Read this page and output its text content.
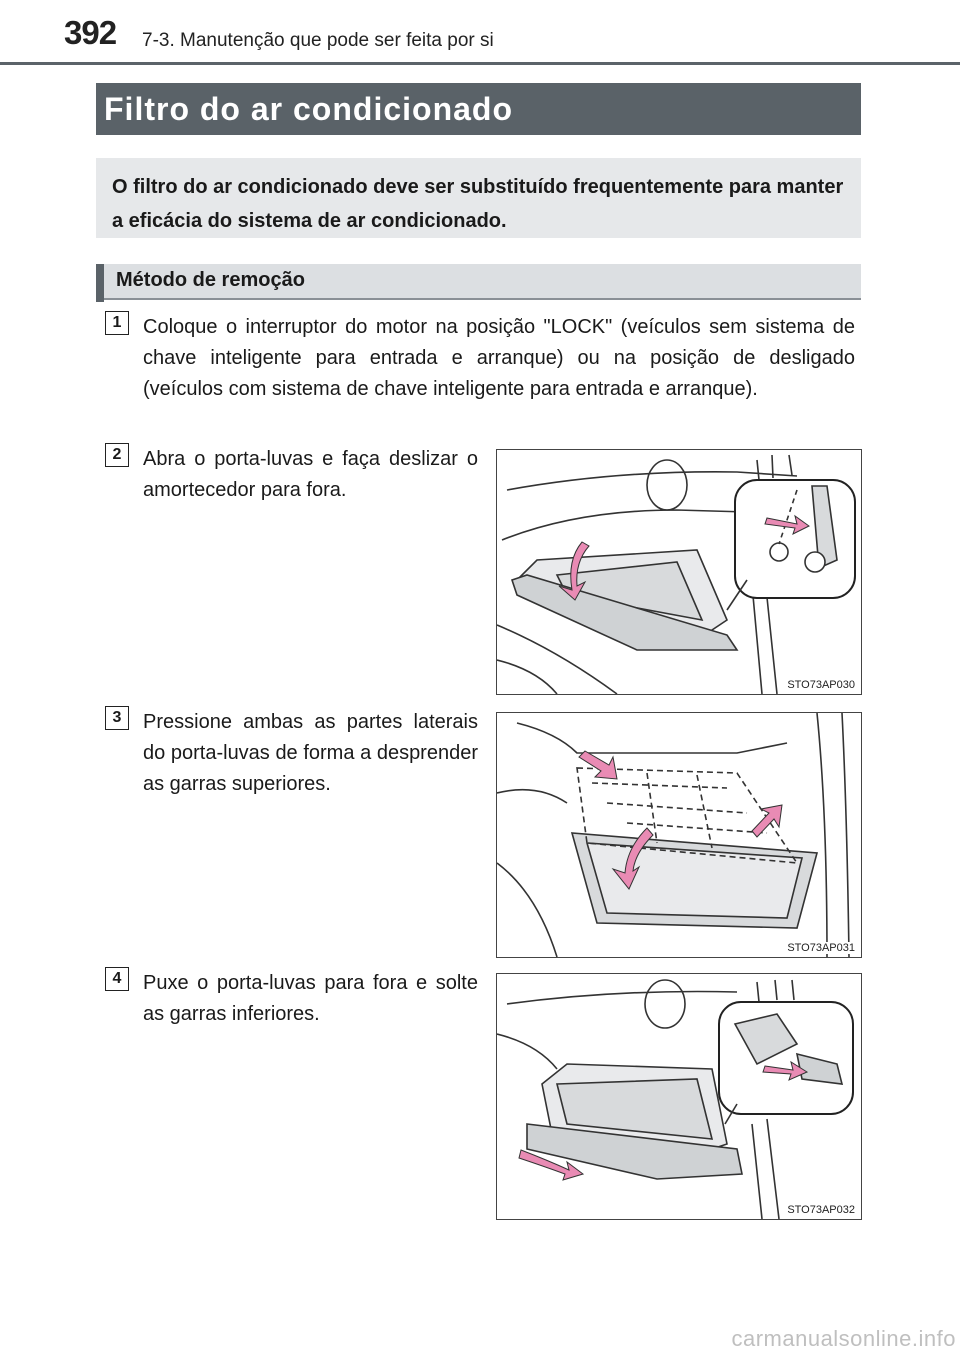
392 7-3. Manutenção que pode ser feita por si
Filtro do ar condicionado
O filtro do ar condicionado deve ser substituído frequentemente para manter a eficácia do sistema de ar condicionado.
Método de remoção
1	Coloque o interruptor do motor na posição "LOCK" (veículos sem sistema de chave inteligente para entrada e arranque) ou na posição de desligado (veículos com sistema de chave inteligente para entrada e arranque).
2	Abra o porta-luvas e faça deslizar o amortecedor para fora.
STO73AP030
3	Pressione ambas as partes laterais do porta-luvas de forma a desprender as garras superiores.
STO73AP031
4	Puxe o porta-luvas para fora e solte as garras inferiores.
STO73AP032
carmanualsonline.info
